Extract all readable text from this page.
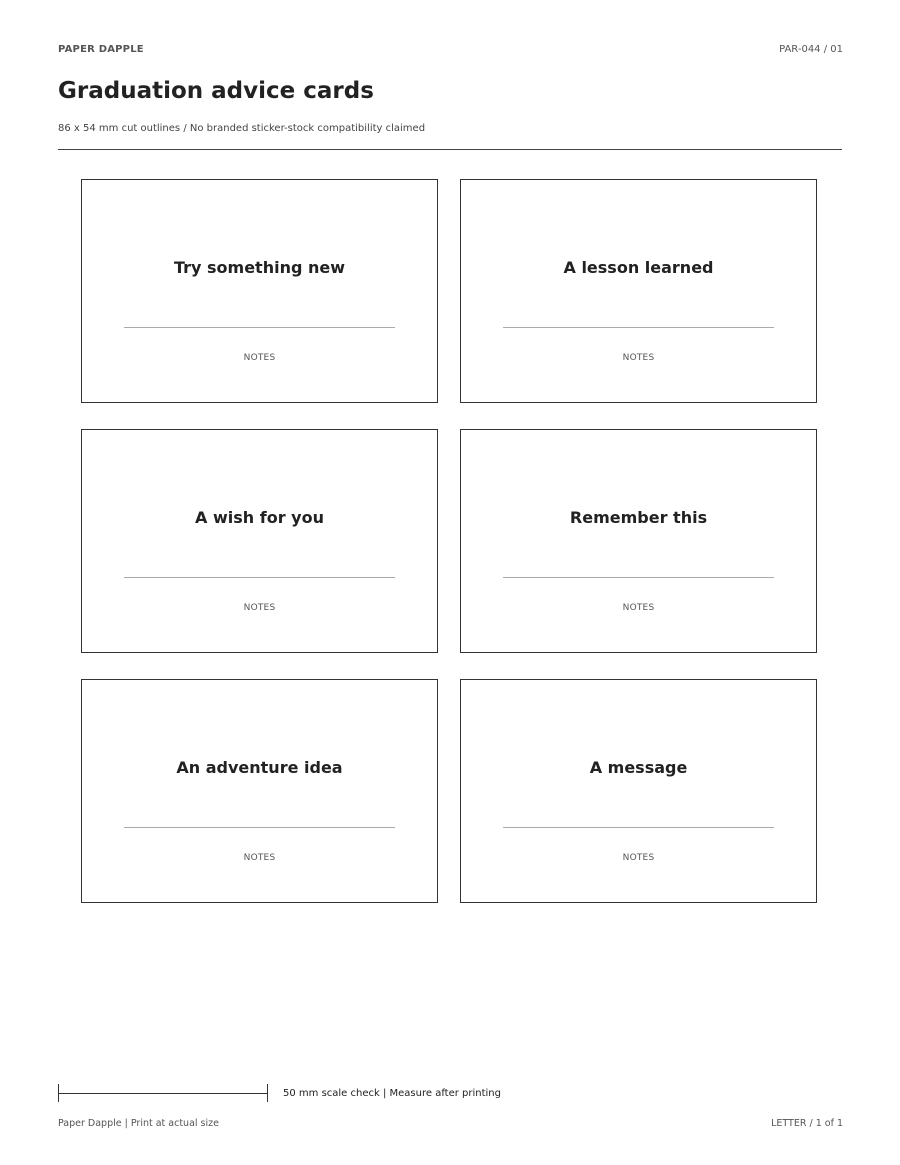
PAPER DAPPLE	PAR-044 / 01
Graduation advice cards
86 x 54 mm cut outlines / No branded sticker-stock compatibility claimed
Try something new
NOTES
A lesson learned
NOTES
A wish for you
NOTES
Remember this
NOTES
An adventure idea
NOTES
A message
NOTES
50 mm scale check | Measure after printing
Paper Dapple | Print at actual size	LETTER / 1 of 1
